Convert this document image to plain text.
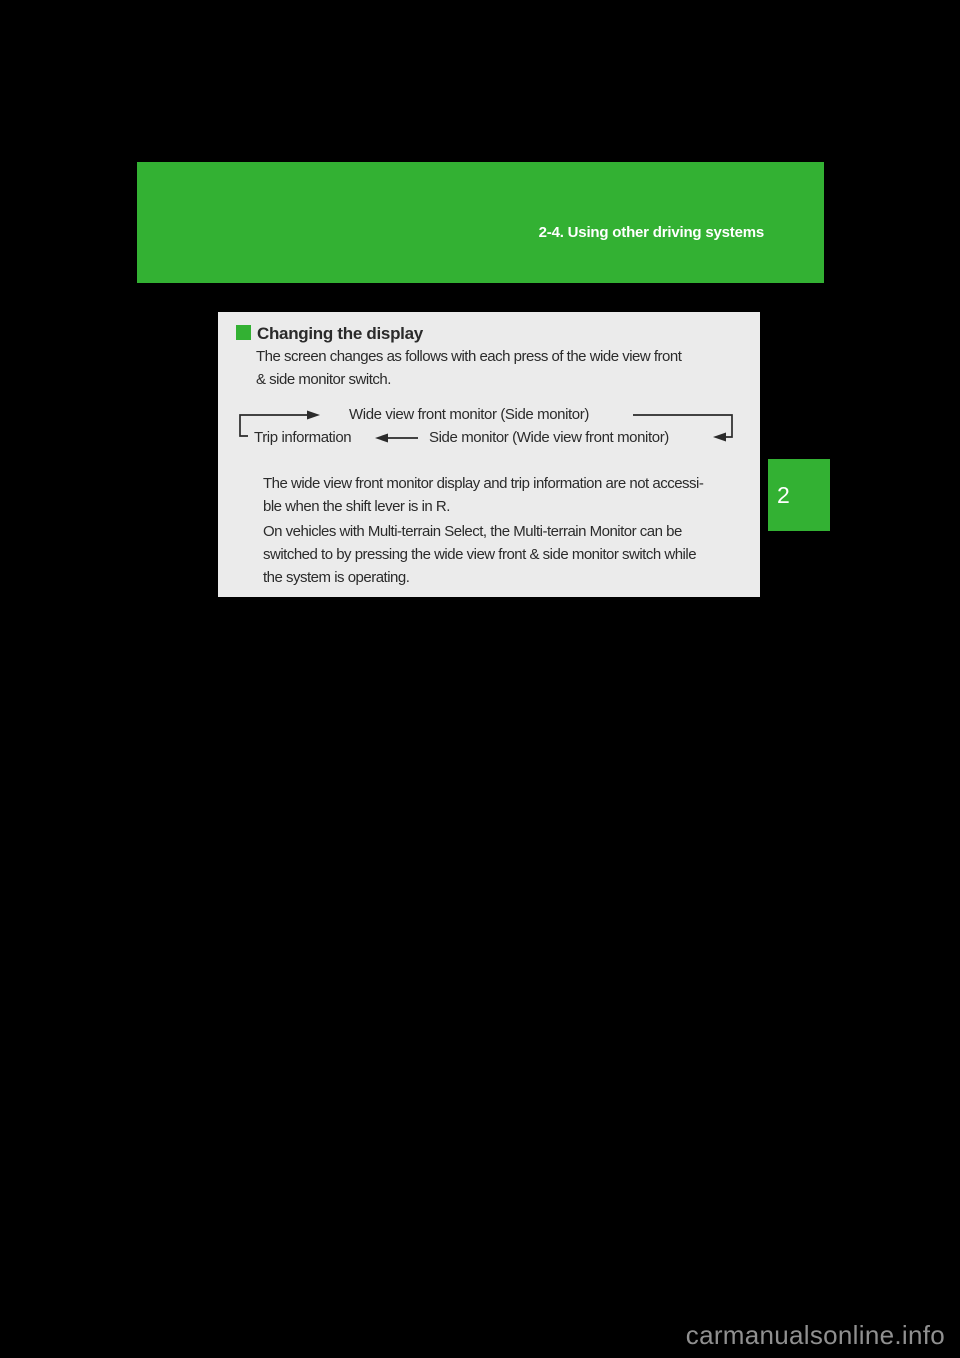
2-4. Using other driving systems
Changing the display
The screen changes as follows with each press of the wide view front
& side monitor switch.
Wide view front monitor (Side monitor)
Trip information	Side monitor (Wide view front monitor)
The wide view front monitor display and trip information are not accessi-
ble when the shift lever is in R.
On vehicles with Multi-terrain Select, the Multi-terrain Monitor can be
switched to by pressing the wide view front & side monitor switch while
the system is operating.
2
carmanualsonline.info
